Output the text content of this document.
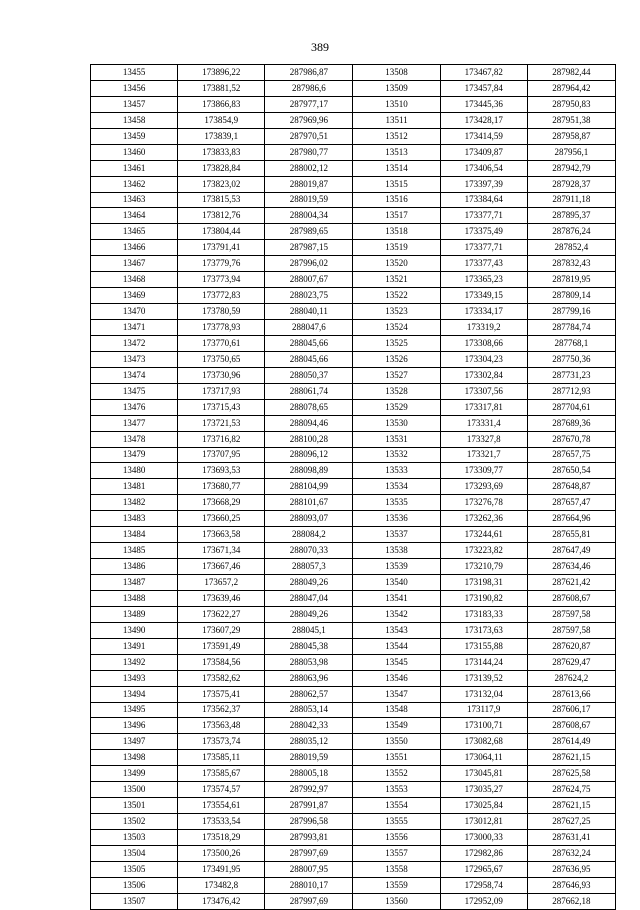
389
13455	173896,22	287986,87	13508	173467,82	287982,44
13456	173881,52	287986,6	13509	173457,84	287964,42
13457	173866,83	287977,17	13510	173445,36	287950,83
13458	173854,9	287969,96	13511	173428,17	287951,38
13459	173839,1	287970,51	13512	173414,59	287958,87
13460	173833,83	287980,77	13513	173409,87	287956,1
13461	173828,84	288002,12	13514	173406,54	287942,79
13462	173823,02	288019,87	13515	173397,39	287928,37
13463	173815,53	288019,59	13516	173384,64	287911,18
13464	173812,76	288004,34	13517	173377,71	287895,37
13465	173804,44	287989,65	13518	173375,49	287876,24
13466	173791,41	287987,15	13519	173377,71	287852,4
13467	173779,76	287996,02	13520	173377,43	287832,43
13468	173773,94	288007,67	13521	173365,23	287819,95
13469	173772,83	288023,75	13522	173349,15	287809,14
13470	173780,59	288040,11	13523	173334,17	287799,16
13471	173778,93	288047,6	13524	173319,2	287784,74
13472	173770,61	288045,66	13525	173308,66	287768,1
13473	173750,65	288045,66	13526	173304,23	287750,36
13474	173730,96	288050,37	13527	173302,84	287731,23
13475	173717,93	288061,74	13528	173307,56	287712,93
13476	173715,43	288078,65	13529	173317,81	287704,61
13477	173721,53	288094,46	13530	173331,4	287689,36
13478	173716,82	288100,28	13531	173327,8	287670,78
13479	173707,95	288096,12	13532	173321,7	287657,75
13480	173693,53	288098,89	13533	173309,77	287650,54
13481	173680,77	288104,99	13534	173293,69	287648,87
13482	173668,29	288101,67	13535	173276,78	287657,47
13483	173660,25	288093,07	13536	173262,36	287664,96
13484	173663,58	288084,2	13537	173244,61	287655,81
13485	173671,34	288070,33	13538	173223,82	287647,49
13486	173667,46	288057,3	13539	173210,79	287634,46
13487	173657,2	288049,26	13540	173198,31	287621,42
13488	173639,46	288047,04	13541	173190,82	287608,67
13489	173622,27	288049,26	13542	173183,33	287597,58
13490	173607,29	288045,1	13543	173173,63	287597,58
13491	173591,49	288045,38	13544	173155,88	287620,87
13492	173584,56	288053,98	13545	173144,24	287629,47
13493	173582,62	288063,96	13546	173139,52	287624,2
13494	173575,41	288062,57	13547	173132,04	287613,66
13495	173562,37	288053,14	13548	173117,9	287606,17
13496	173563,48	288042,33	13549	173100,71	287608,67
13497	173573,74	288035,12	13550	173082,68	287614,49
13498	173585,11	288019,59	13551	173064,11	287621,15
13499	173585,67	288005,18	13552	173045,81	287625,58
13500	173574,57	287992,97	13553	173035,27	287624,75
13501	173554,61	287991,87	13554	173025,84	287621,15
13502	173533,54	287996,58	13555	173012,81	287627,25
13503	173518,29	287993,81	13556	173000,33	287631,41
13504	173500,26	287997,69	13557	172982,86	287632,24
13505	173491,95	288007,95	13558	172965,67	287636,95
13506	173482,8	288010,17	13559	172958,74	287646,93
13507	173476,42	287997,69	13560	172952,09	287662,18
